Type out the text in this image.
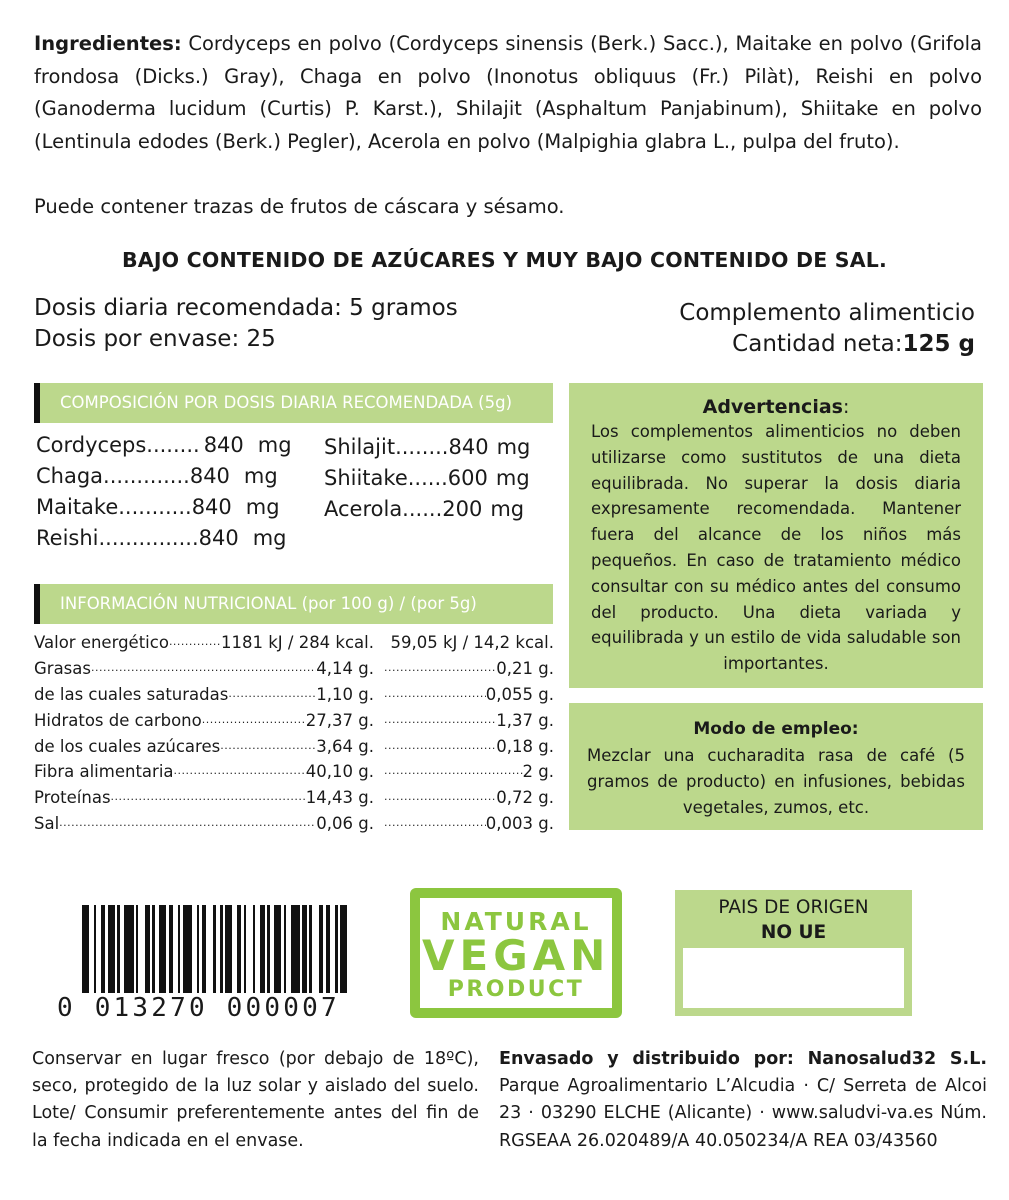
Ingredientes: Cordyceps en polvo (Cordyceps sinensis (Berk.) Sacc.), Maitake en polvo (Grifola frondosa (Dicks.) Gray), Chaga en polvo (Inonotus obliquus (Fr.) Pilàt), Reishi en polvo (Ganoderma lucidum (Curtis) P. Karst.), Shilajit (Asphaltum Panjabinum), Shiitake en polvo (Lentinula edodes (Berk.) Pegler), Acerola en polvo (Malpighia glabra L., pulpa del fruto).
Puede contener trazas de frutos de cáscara y sésamo.
BAJO CONTENIDO DE AZÚCARES Y MUY BAJO CONTENIDO DE SAL.
Dosis diaria recomendada: 5 gramos
Dosis por envase: 25
Complemento alimenticio
Cantidad neta:125 g
COMPOSICIÓN POR DOSIS DIARIA RECOMENDADA (5g)
Cordyceps........ 840 mg
Chaga............. 840 mg
Maitake........... 840 mg
Reishi............... 840 mg
Shilajit........ 840 mg
Shiitake...... 600 mg
Acerola...... 200 mg
INFORMACIÓN NUTRICIONAL (por 100 g) / (por 5g)
Valor energético .....	1181 kJ / 284 kcal. 59,05 kJ / 14,2 kcal.
Grasas .....	4,14 g. .....	0,21 g.
de las cuales saturadas .....	1,10 g. .....	0,055 g.
Hidratos de carbono .....	27,37 g. .....	1,37 g.
de los cuales azúcares .....	3,64 g. .....	0,18 g.
Fibra alimentaria .....	40,10 g. .....	2 g.
Proteínas .....	14,43 g. .....	0,72 g.
Sal .....	0,06 g. .....	0,003 g.
Advertencias:
Los complementos alimenticios no deben utilizarse como sustitutos de una dieta equilibrada. No superar la dosis diaria expresamente recomendada. Mantener fuera del alcance de los niños más pequeños. En caso de tratamiento médico consultar con su médico antes del consumo del producto. Una dieta variada y equilibrada y un estilo de vida saludable son importantes.
Modo de empleo:
Mezclar una cucharadita rasa de café (5 gramos de producto) en infusiones, bebidas vegetales, zumos, etc.
0 013270 000007
NATURAL
VEGAN
PRODUCT
PAIS DE ORIGEN
NO UE
Conservar en lugar fresco (por debajo de 18ºC), seco, protegido de la luz solar y aislado del suelo. Lote/ Consumir preferentemente antes del fin de la fecha indicada en el envase.
Envasado y distribuido por: Nanosalud32 S.L. Parque Agroalimentario L’Alcudia · C/ Serreta de Alcoi 23 · 03290 ELCHE (Alicante) · www.saludvi-va.es Núm. RGSEAA 26.020489/A 40.050234/A REA 03/43560
